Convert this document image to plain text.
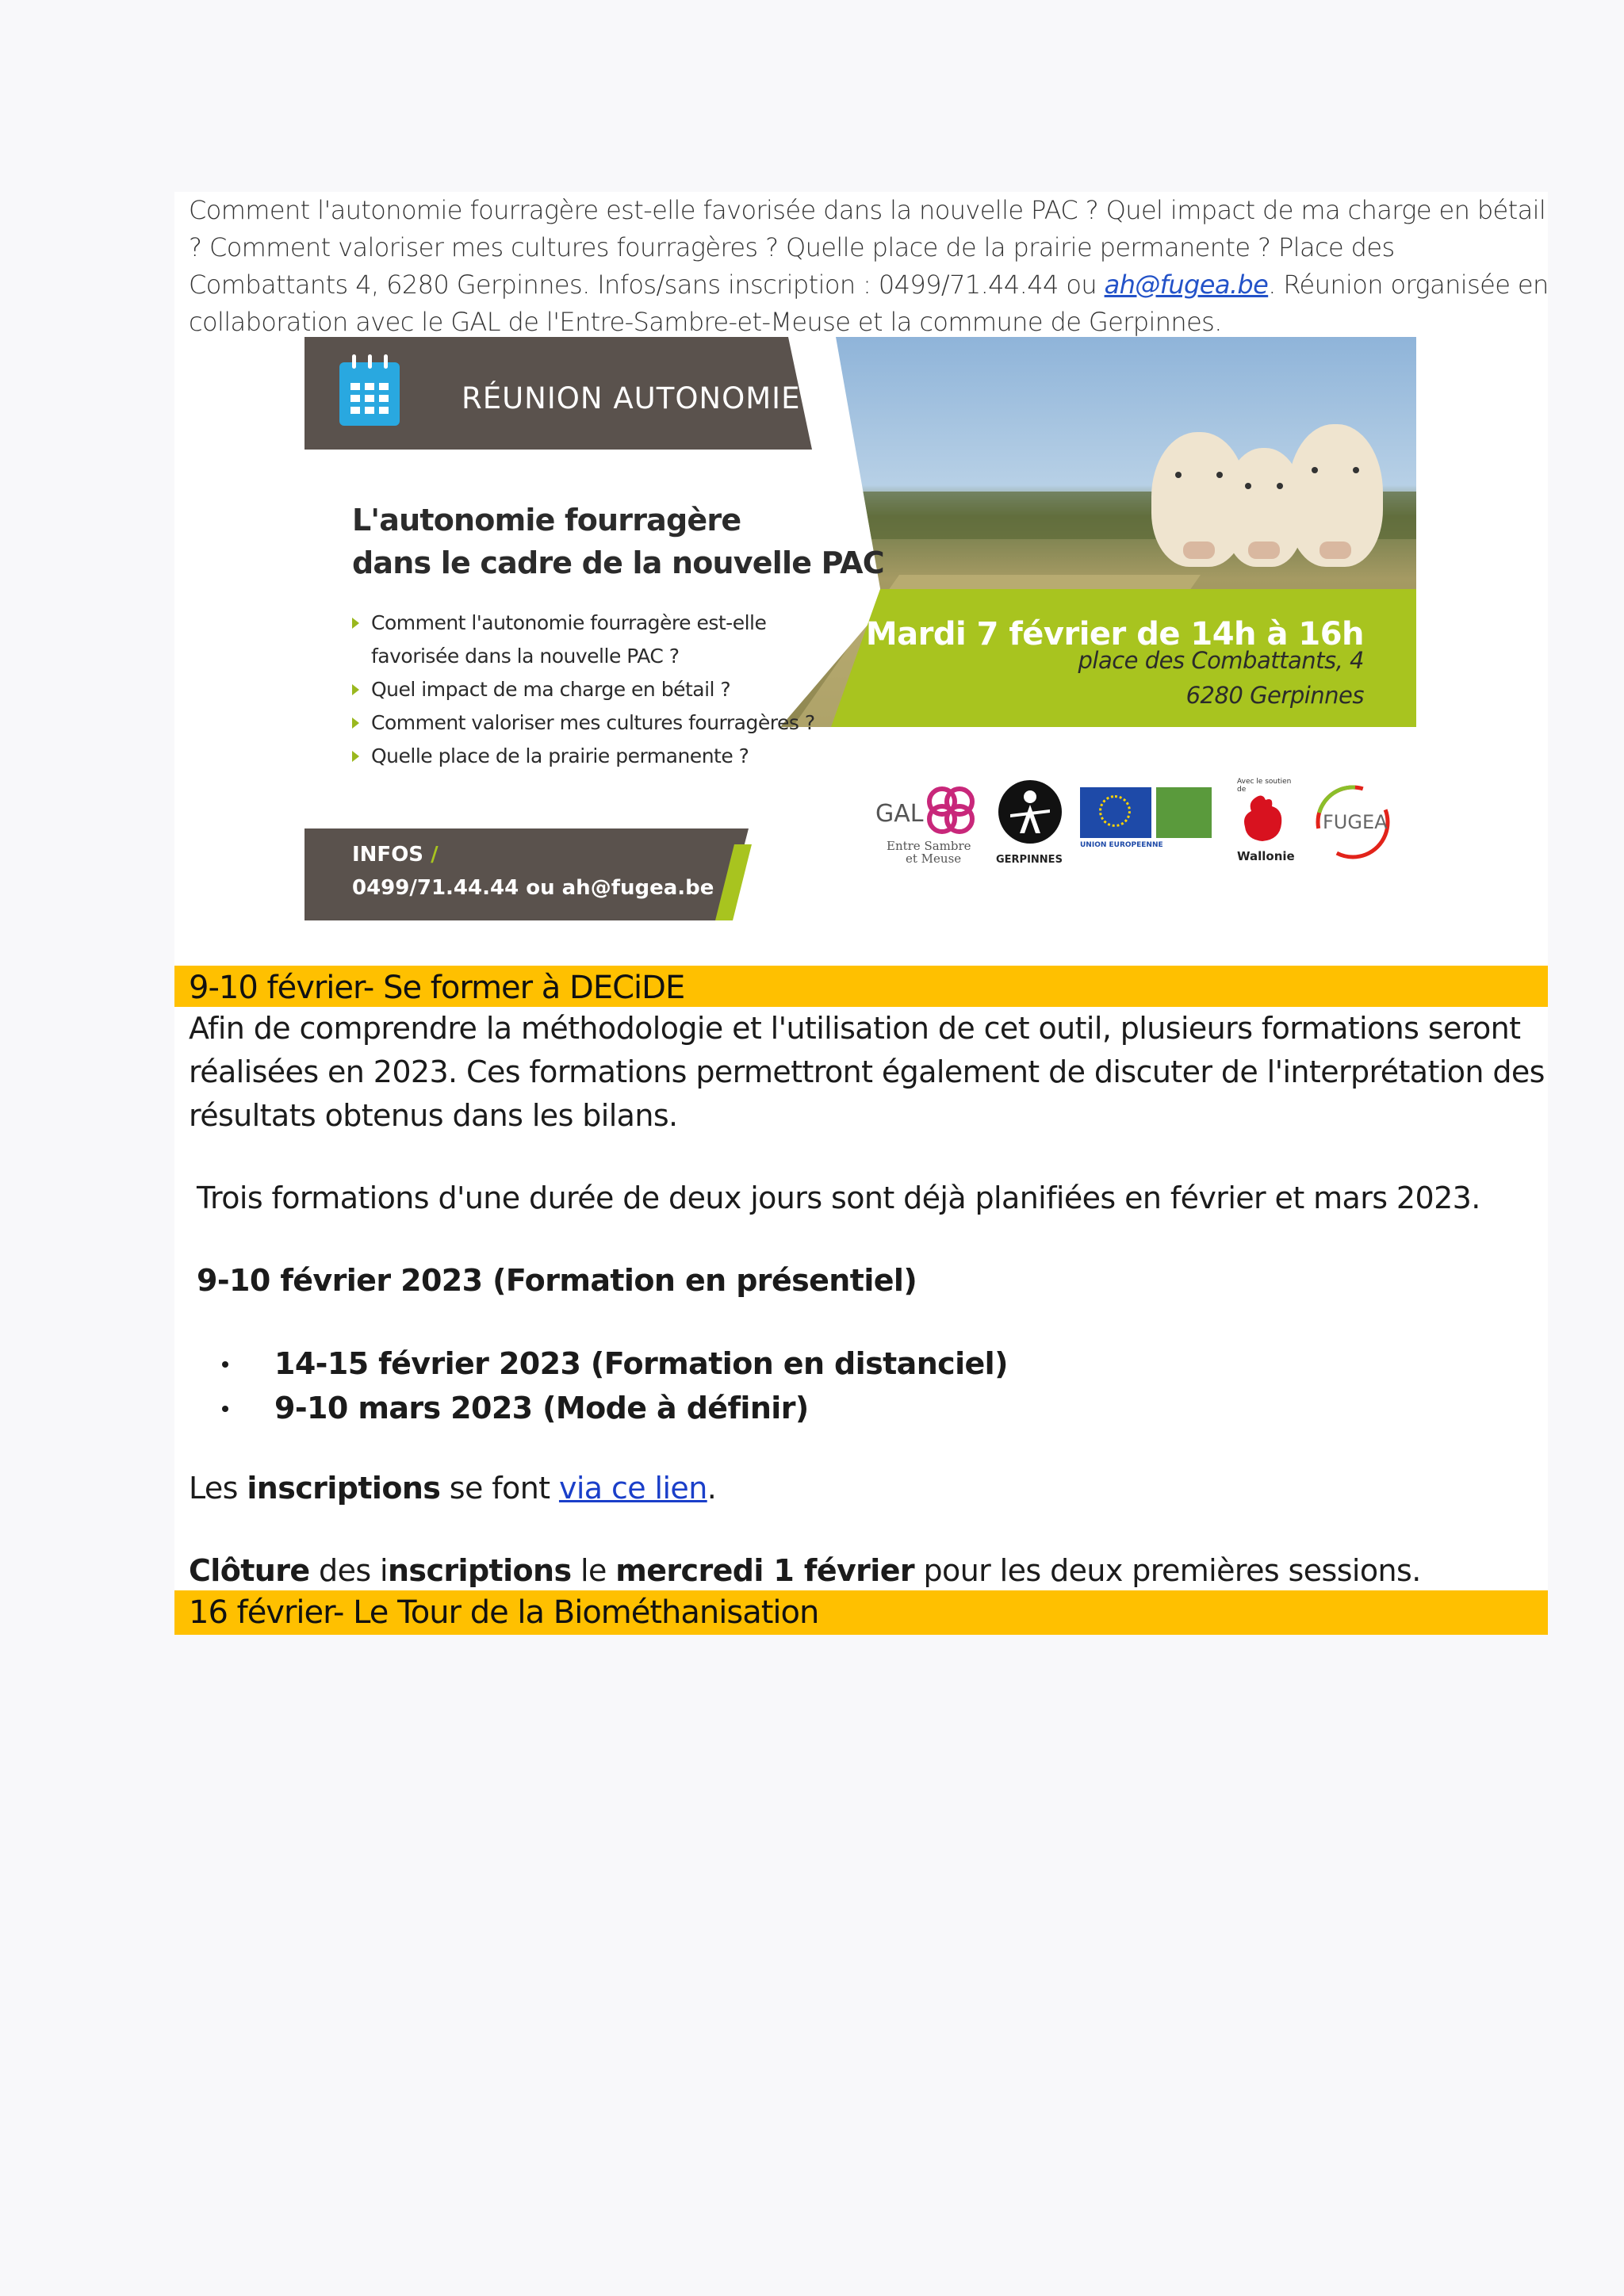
Comment l'autonomie fourragère est-elle favorisée dans la nouvelle PAC ? Quel impact de ma charge en bétail ? Comment valoriser mes cultures fourragères ? Quelle place de la prairie permanente ? Place des Combattants 4, 6280 Gerpinnes. Infos/sans inscription : 0499/71.44.44 ou ah@fugea.be. Réunion organisée en collaboration avec le GAL de l'Entre-Sambre-et-Meuse et la commune de Gerpinnes.

RÉUNION AUTONOMIE
L'autonomie fourragère
dans le cadre de la nouvelle PAC
Comment l'autonomie fourragère est-elle
favorisée dans la nouvelle PAC ?
Quel impact de ma charge en bétail ?
Comment valoriser mes cultures fourragères ?
Quelle place de la prairie permanente ?
Mardi 7 février de 14h à 16h
place des Combattants, 4
6280 Gerpinnes
GAL
Entre Sambre
et Meuse	GERPINNES
UNION EUROPEENNE
Avec le soutien de
Wallonie
FUGEA
INFOS /
0499/71.44.44 ou ah@fugea.be
9-10 février- Se former à DECiDE
Afin de comprendre la méthodologie et l'utilisation de cet outil, plusieurs formations seront réalisées en 2023. Ces formations permettront également de discuter de l'interprétation des résultats obtenus dans les bilans.
Trois formations d'une durée de deux jours sont déjà planifiées en février et mars 2023.
9-10 février 2023 (Formation en présentiel)
14-15 février 2023 (Formation en distanciel)
9-10 mars 2023 (Mode à définir)
Les inscriptions se font via ce lien.
Clôture des inscriptions le mercredi 1 février pour les deux premières sessions.
16 février- Le Tour de la Biométhanisation
